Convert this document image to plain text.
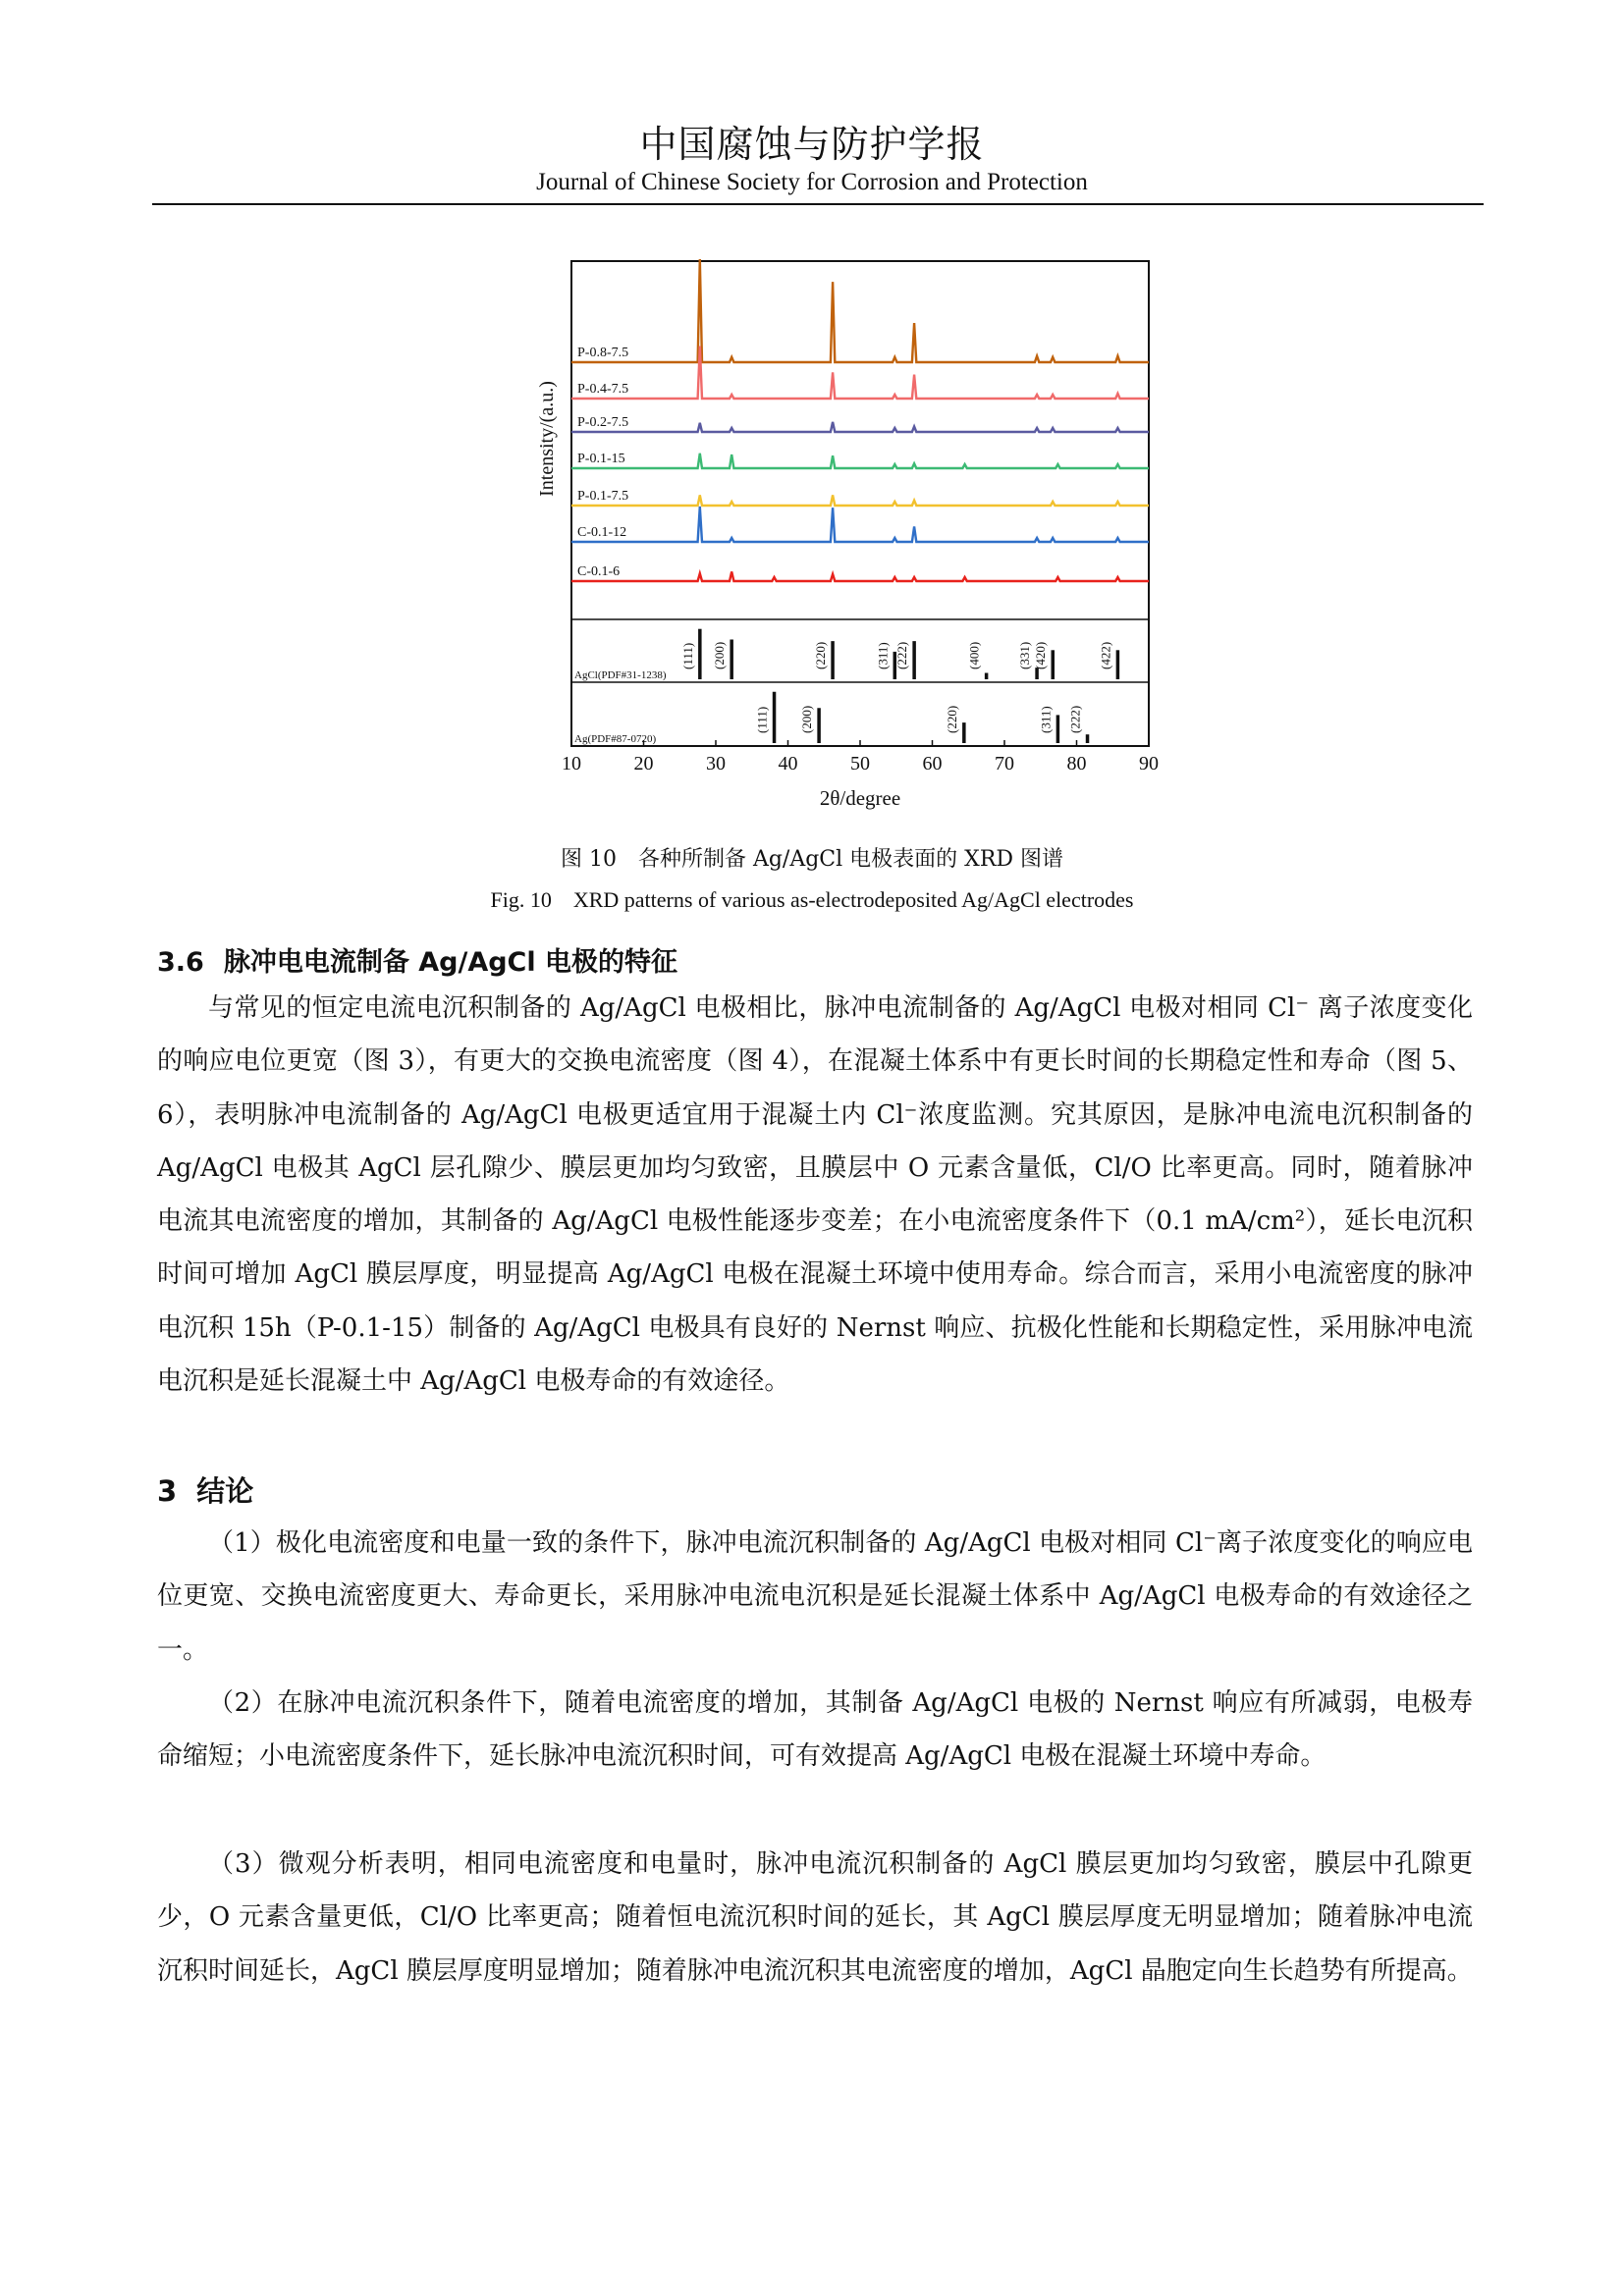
中国腐蚀与防护学报
Journal of Chinese Society for Corrosion and Protection
P-0.8-7.5
P-0.4-7.5
P-0.2-7.5
P-0.1-15
P-0.1-7.5
C-0.1-12
C-0.1-6
(111) (200)	(220)	(311) (222)	(400)	(331) (420)	(422)
AgCl(PDF#31-1238)
(111) (200)	(220)	(311) (222)
Ag(PDF#87-0720)
10	20	30	40	50	60	70	80	90
2θ/degree
Intensity/(a.u.)
图 10　各种所制备 Ag/AgCl 电极表面的 XRD 图谱
Fig. 10　XRD patterns of various as-electrodeposited Ag/AgCl electrodes
3.6 脉冲电电流制备 Ag/AgCl 电极的特征

与常见的恒定电流电沉积制备的 Ag/AgCl 电极相比，脉冲电流制备的 Ag/AgCl 电极对相同 Cl⁻ 离子浓度变化的响应电位更宽（图 3），有更大的交换电流密度（图 4），在混凝土体系中有更长时间的长期稳定性和寿命（图 5、6），表明脉冲电流制备的 Ag/AgCl 电极更适宜用于混凝土内 Cl⁻浓度监测。究其原因，是脉冲电流电沉积制备的 Ag/AgCl 电极其 AgCl 层孔隙少、膜层更加均匀致密，且膜层中 O 元素含量低，Cl/O 比率更高。同时，随着脉冲电流其电流密度的增加，其制备的 Ag/AgCl 电极性能逐步变差；在小电流密度条件下（0.1 mA/cm²），延长电沉积时间可增加 AgCl 膜层厚度，明显提高 Ag/AgCl 电极在混凝土环境中使用寿命。综合而言，采用小电流密度的脉冲电沉积 15h（P-0.1-15）制备的 Ag/AgCl 电极具有良好的 Nernst 响应、抗极化性能和长期稳定性，采用脉冲电流电沉积是延长混凝土中 Ag/AgCl 电极寿命的有效途径。

3 结论

（1）极化电流密度和电量一致的条件下，脉冲电流沉积制备的 Ag/AgCl 电极对相同 Cl⁻离子浓度变化的响应电位更宽、交换电流密度更大、寿命更长，采用脉冲电流电沉积是延长混凝土体系中 Ag/AgCl 电极寿命的有效途径之一。

（2）在脉冲电流沉积条件下，随着电流密度的增加，其制备 Ag/AgCl 电极的 Nernst 响应有所减弱，电极寿命缩短；小电流密度条件下，延长脉冲电流沉积时间，可有效提高 Ag/AgCl 电极在混凝土环境中寿命。

（3）微观分析表明，相同电流密度和电量时，脉冲电流沉积制备的 AgCl 膜层更加均匀致密，膜层中孔隙更少，O 元素含量更低，Cl/O 比率更高；随着恒电流沉积时间的延长，其 AgCl 膜层厚度无明显增加；随着脉冲电流沉积时间延长，AgCl 膜层厚度明显增加；随着脉冲电流沉积其电流密度的增加，AgCl 晶胞定向生长趋势有所提高。
